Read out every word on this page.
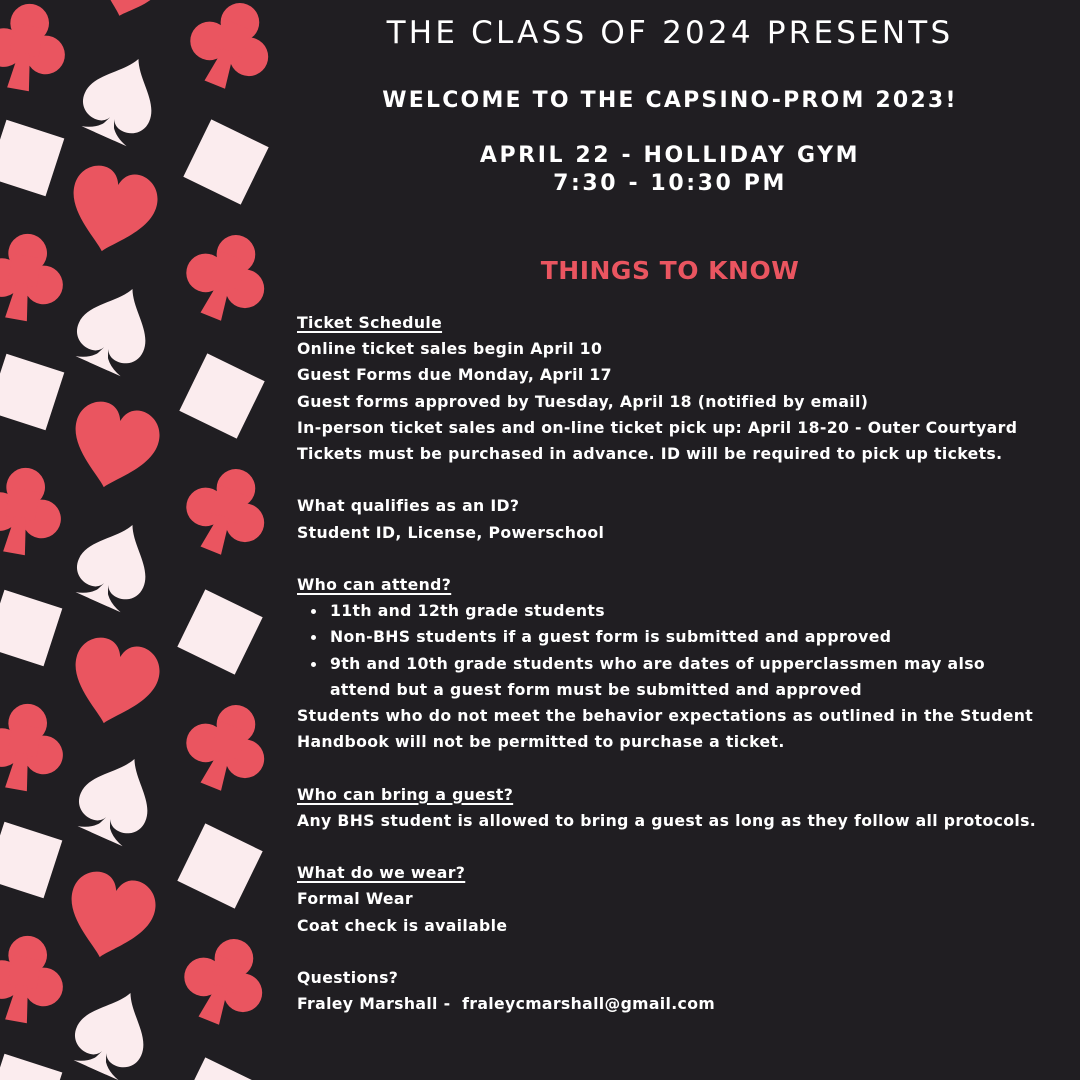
THE CLASS OF 2024 PRESENTS
WELCOME TO THE CAPSINO-PROM 2023!
APRIL 22 - HOLLIDAY GYM
7:30 - 10:30 PM
THINGS TO KNOW
Ticket Schedule
Online ticket sales begin April 10
Guest Forms due Monday, April 17
Guest forms approved by Tuesday, April 18 (notified by email)
In-person ticket sales and on-line ticket pick up: April 18-20 - Outer Courtyard
Tickets must be purchased in advance. ID will be required to pick up tickets.
What qualifies as an ID?
Student ID, License, Powerschool
Who can attend?
11th and 12th grade students
Non-BHS students if a guest form is submitted and approved
9th and 10th grade students who are dates of upperclassmen may also
attend but a guest form must be submitted and approved
Students who do not meet the behavior expectations as outlined in the Student
Handbook will not be permitted to purchase a ticket.
Who can bring a guest?
Any BHS student is allowed to bring a guest as long as they follow all protocols.
What do we wear?
Formal Wear
Coat check is available
Questions?
Fraley Marshall - fraleycmarshall@gmail.com
